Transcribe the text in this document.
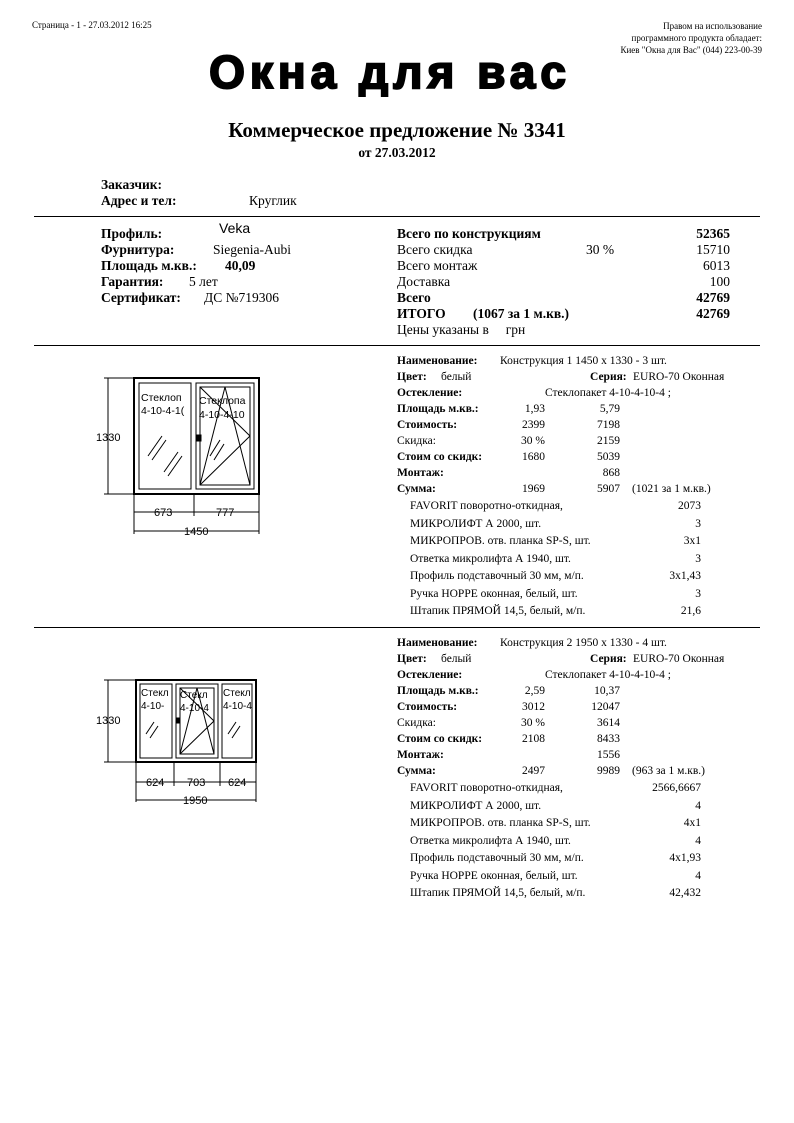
Страница - 1 - 27.03.2012 16:25	Правом на использование
программного продукта обладает:
Киев "Окна для Вас" (044) 223-00-39
Окна для вас
Коммерческое предложение № 3341
от 27.03.2012
Заказчик:
Адрес и тел:	Круглик
Профиль:	Veka
Фурнитура:	Siegenia-Aubi
Площадь м.кв.: 40,09
Гарантия: 5 лет
Сертификат: ДС №719306
Всего по конструкциям	52365
Всего скидка	30 %	15710
Всего монтаж	6013
Доставка	100
Всего	42769
ИТОГО (1067 за 1 м.кв.)	42769
Цены указаны в     грн
1330
673	777
1450
Стеклоп
4-10-4-1(
Стеклопа
4-10-4-10
Наименование: Конструкция 1 1450 x 1330 - 3 шт.
Цвет: белый	Серия: EURO-70 Оконная
Остекление:	Стеклопакет 4-10-4-10-4 ;
Площадь м.кв.:	1,93	5,79
Стоимость:	2399	7198
Скидка:	30 %	2159
Стоим со скидк:	1680	5039
Монтаж:	868
Сумма:	1969	5907 (1021 за 1 м.кв.)
FAVORIT поворотно-откидная,	2073
МИКРОЛИФТ А 2000, шт.	3
МИКРОПРОВ. отв. планка SP-S, шт.	3x1
Ответка микролифта А 1940, шт.	3
Профиль подставочный 30 мм, м/п.	3x1,43
Ручка HOPPE оконная, белый, шт.	3
Штапик ПРЯМОЙ 14,5, белый, м/п.	21,6
1330
624 703 624
1950
Стекл
4-10-
Стекл
4-10-4
Стекл
4-10-4
Наименование: Конструкция 2 1950 x 1330 - 4 шт.
Цвет: белый	Серия: EURO-70 Оконная
Остекление:	Стеклопакет 4-10-4-10-4 ;
Площадь м.кв.:	2,59	10,37
Стоимость:	3012	12047
Скидка:	30 %	3614
Стоим со скидк:	2108	8433
Монтаж:	1556
Сумма:	2497	9989 (963 за 1 м.кв.)
FAVORIT поворотно-откидная,	2566,6667
МИКРОЛИФТ А 2000, шт.	4
МИКРОПРОВ. отв. планка SP-S, шт.	4x1
Ответка микролифта А 1940, шт.	4
Профиль подставочный 30 мм, м/п.	4x1,93
Ручка HOPPE оконная, белый, шт.	4
Штапик ПРЯМОЙ 14,5, белый, м/п.	42,432
